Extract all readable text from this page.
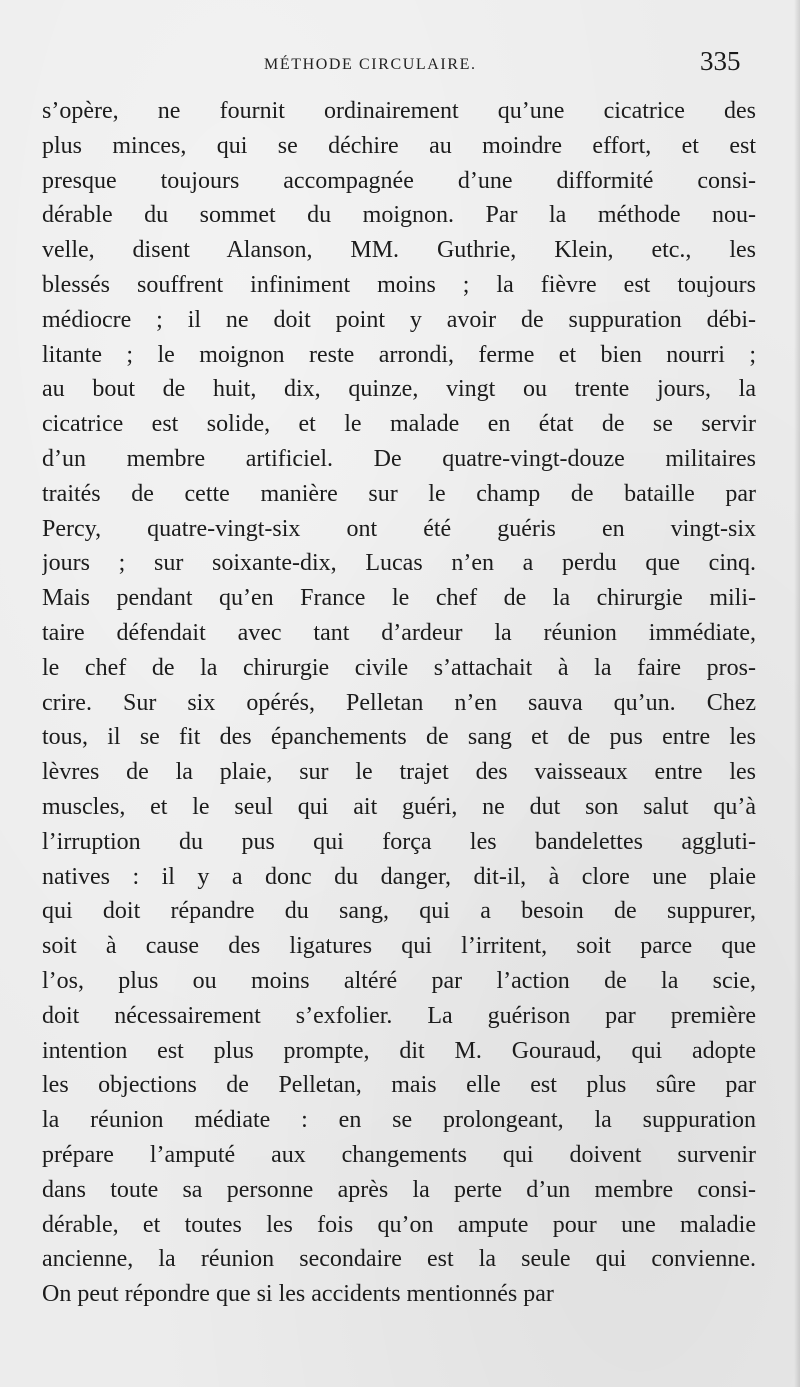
MÉTHODE CIRCULAIRE.	335
s’opère, ne fournit ordinairement qu’une cicatrice des
plus minces, qui se déchire au moindre effort, et est
presque toujours accompagnée d’une difformité consi-
dérable du sommet du moignon. Par la méthode nou-
velle, disent Alanson, MM. Guthrie, Klein, etc., les
blessés souffrent infiniment moins ; la fièvre est toujours
médiocre ; il ne doit point y avoir de suppuration débi-
litante ; le moignon reste arrondi, ferme et bien nourri ;
au bout de huit, dix, quinze, vingt ou trente jours, la
cicatrice est solide, et le malade en état de se servir
d’un membre artificiel. De quatre-vingt-douze militaires
traités de cette manière sur le champ de bataille par
Percy, quatre-vingt-six ont été guéris en vingt-six
jours ; sur soixante-dix, Lucas n’en a perdu que cinq.
Mais pendant qu’en France le chef de la chirurgie mili-
taire défendait avec tant d’ardeur la réunion immédiate,
le chef de la chirurgie civile s’attachait à la faire pros-
crire. Sur six opérés, Pelletan n’en sauva qu’un. Chez
tous, il se fit des épanchements de sang et de pus entre les
lèvres de la plaie, sur le trajet des vaisseaux entre les
muscles, et le seul qui ait guéri, ne dut son salut qu’à
l’irruption du pus qui força les bandelettes aggluti-
natives : il y a donc du danger, dit-il, à clore une plaie
qui doit répandre du sang, qui a besoin de suppurer,
soit à cause des ligatures qui l’irritent, soit parce que
l’os, plus ou moins altéré par l’action de la scie,
doit nécessairement s’exfolier. La guérison par première
intention est plus prompte, dit M. Gouraud, qui adopte
les objections de Pelletan, mais elle est plus sûre par
la réunion médiate : en se prolongeant, la suppuration
prépare l’amputé aux changements qui doivent survenir
dans toute sa personne après la perte d’un membre consi-
dérable, et toutes les fois qu’on ampute pour une maladie
ancienne, la réunion secondaire est la seule qui convienne.
On peut répondre que si les accidents mentionnés par
